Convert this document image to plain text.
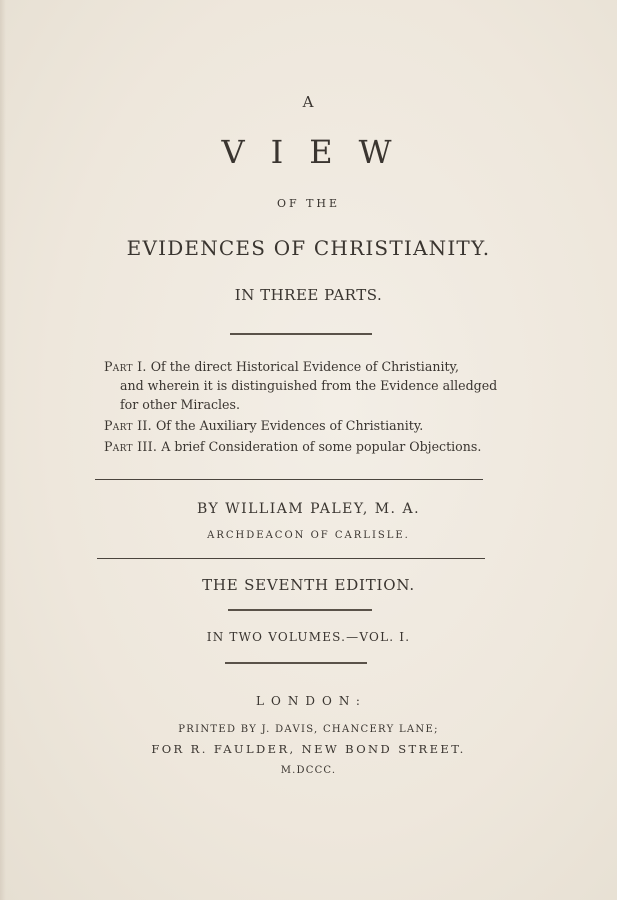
A
VIEW
OF THE
EVIDENCES OF CHRISTIANITY.
IN THREE PARTS.
Part I. Of the direct Historical Evidence of Christianity,
and wherein it is distinguished from the Evidence alledged
for other Miracles.
Part II. Of the Auxiliary Evidences of Christianity.
Part III. A brief Consideration of some popular Objections.
BY WILLIAM PALEY, M. A.
ARCHDEACON OF CARLISLE.
THE SEVENTH EDITION.
IN TWO VOLUMES.—VOL. I.
LONDON:
PRINTED BY J. DAVIS, CHANCERY LANE;
FOR R. FAULDER, NEW BOND STREET.
M.DCCC.
